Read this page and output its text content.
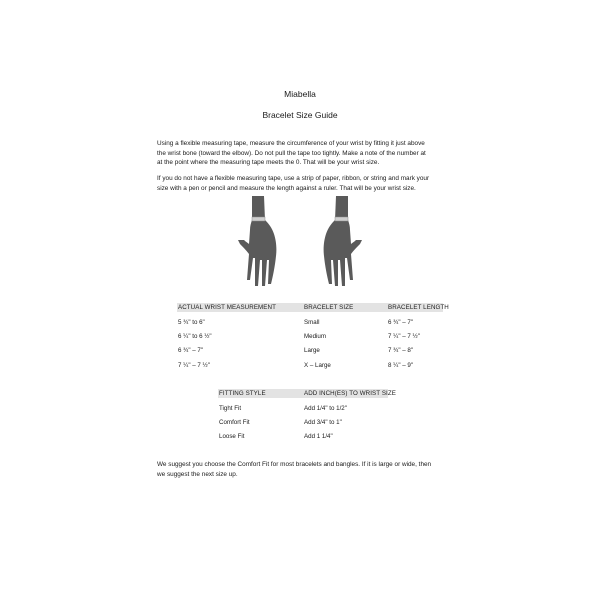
Miabella
Bracelet Size Guide
Using a flexible measuring tape, measure the circumference of your wrist by fitting it just above
the wrist bone (toward the elbow). Do not pull the tape too tightly. Make a note of the number at
at the point where the measuring tape meets the 0. That will be your wrist size.
If you do not have a flexible measuring tape, use a strip of paper, ribbon, or string and mark your
size with a pen or pencil and measure the length against a ruler. That will be your wrist size.
ACTUAL WRIST MEASUREMENT	BRACELET SIZE	BRACELET LENGTH
5 ¾" to 6"	Small	6 ¾" – 7"
6 ¼" to 6 ½"	Medium	7 ¼" – 7 ½"
6 ¾" – 7"	Large	7 ¾" – 8"
7 ¼" – 7 ½"	X – Large	8 ¼" – 9"
FITTING STYLE	ADD INCH(ES) TO WRIST SIZE
Tight Fit	Add 1/4" to 1/2"
Comfort Fit	Add 3/4" to 1"
Loose Fit	Add 1 1/4"
We suggest you choose the Comfort Fit for most bracelets and bangles. If it is large or wide, then
we suggest the next size up.
